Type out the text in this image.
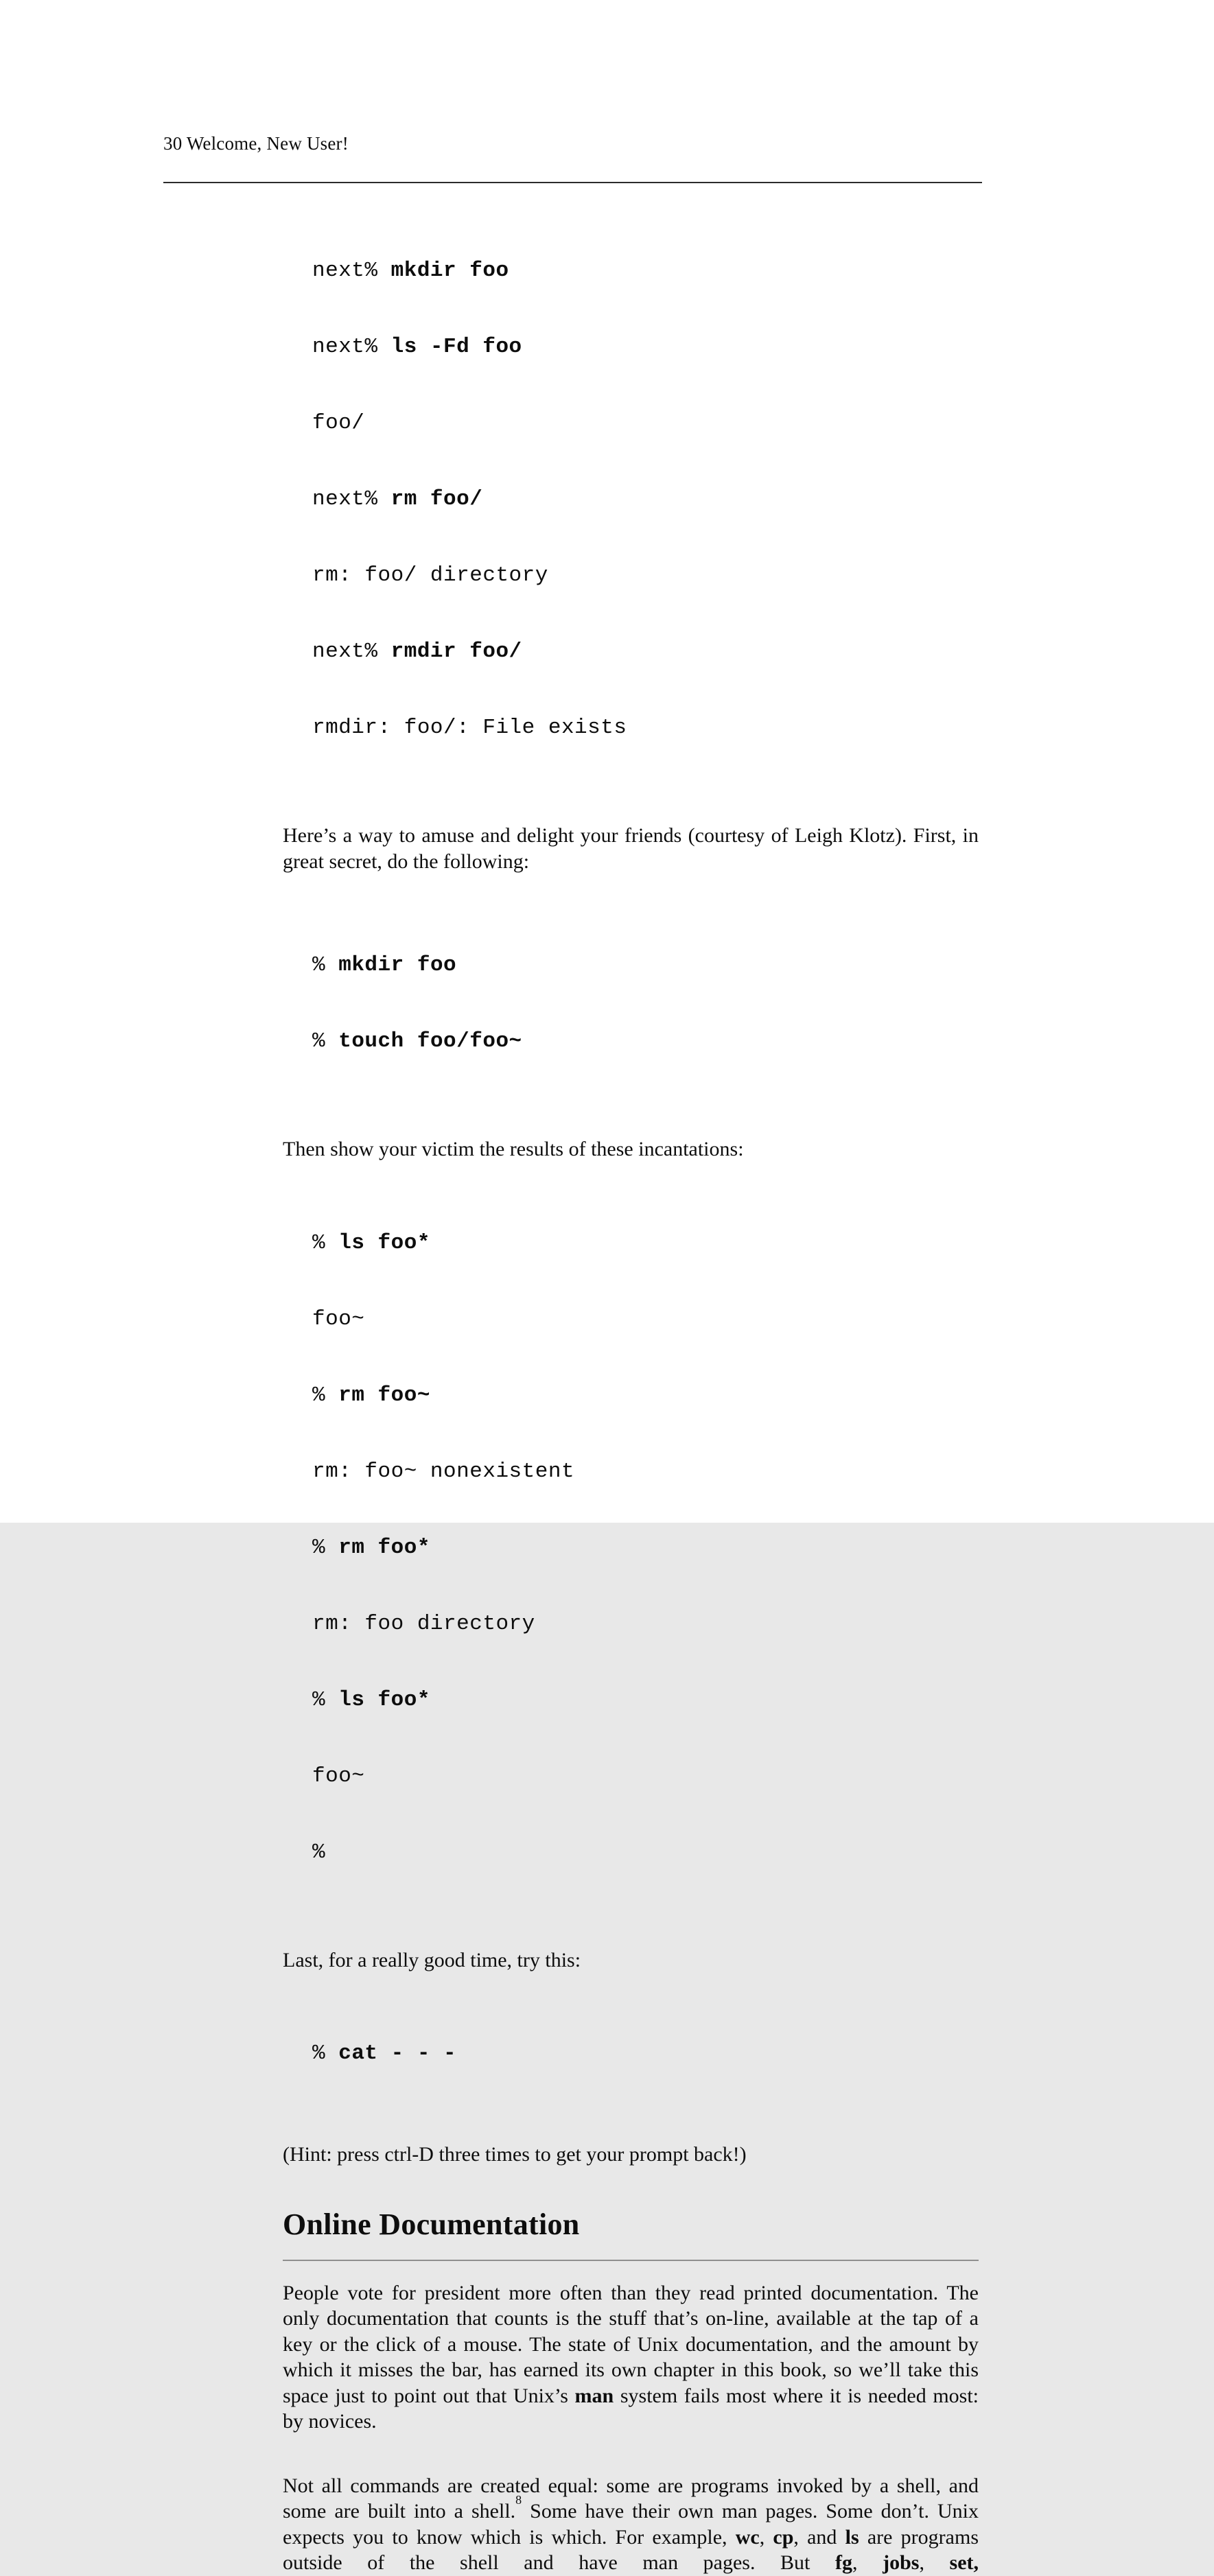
30 Welcome, New User!

next% mkdir foo

next% ls -Fd foo

foo/

next% rm foo/

rm: foo/ directory

next% rmdir foo/

rmdir: foo/: File exists

Here’s a way to amuse and delight your friends (courtesy of Leigh Klotz). First, in great secret, do the following:

% mkdir foo

% touch foo/foo~

Then show your victim the results of these incantations:

% ls foo*

foo~

% rm foo~

rm: foo~ nonexistent

% rm foo*

rm: foo directory

% ls foo*

foo~

%

Last, for a really good time, try this:

% cat - - -

(Hint: press ctrl-D three times to get your prompt back!)

Online Documentation

People vote for president more often than they read printed documentation. The only documentation that counts is the stuff that’s on-line, available at the tap of a key or the click of a mouse. The state of Unix documentation, and the amount by which it misses the bar, has earned its own chapter in this book, so we’ll take this space just to point out that Unix’s man system fails most where it is needed most: by novices.

Not all commands are created equal: some are programs invoked by a shell, and some are built into a shell.$^8$ Some have their own man pages. Some don’t. Unix expects you to know which is which. For example, wc, cp, and ls are programs outside of the shell and have man pages. But fg, jobs, set,
